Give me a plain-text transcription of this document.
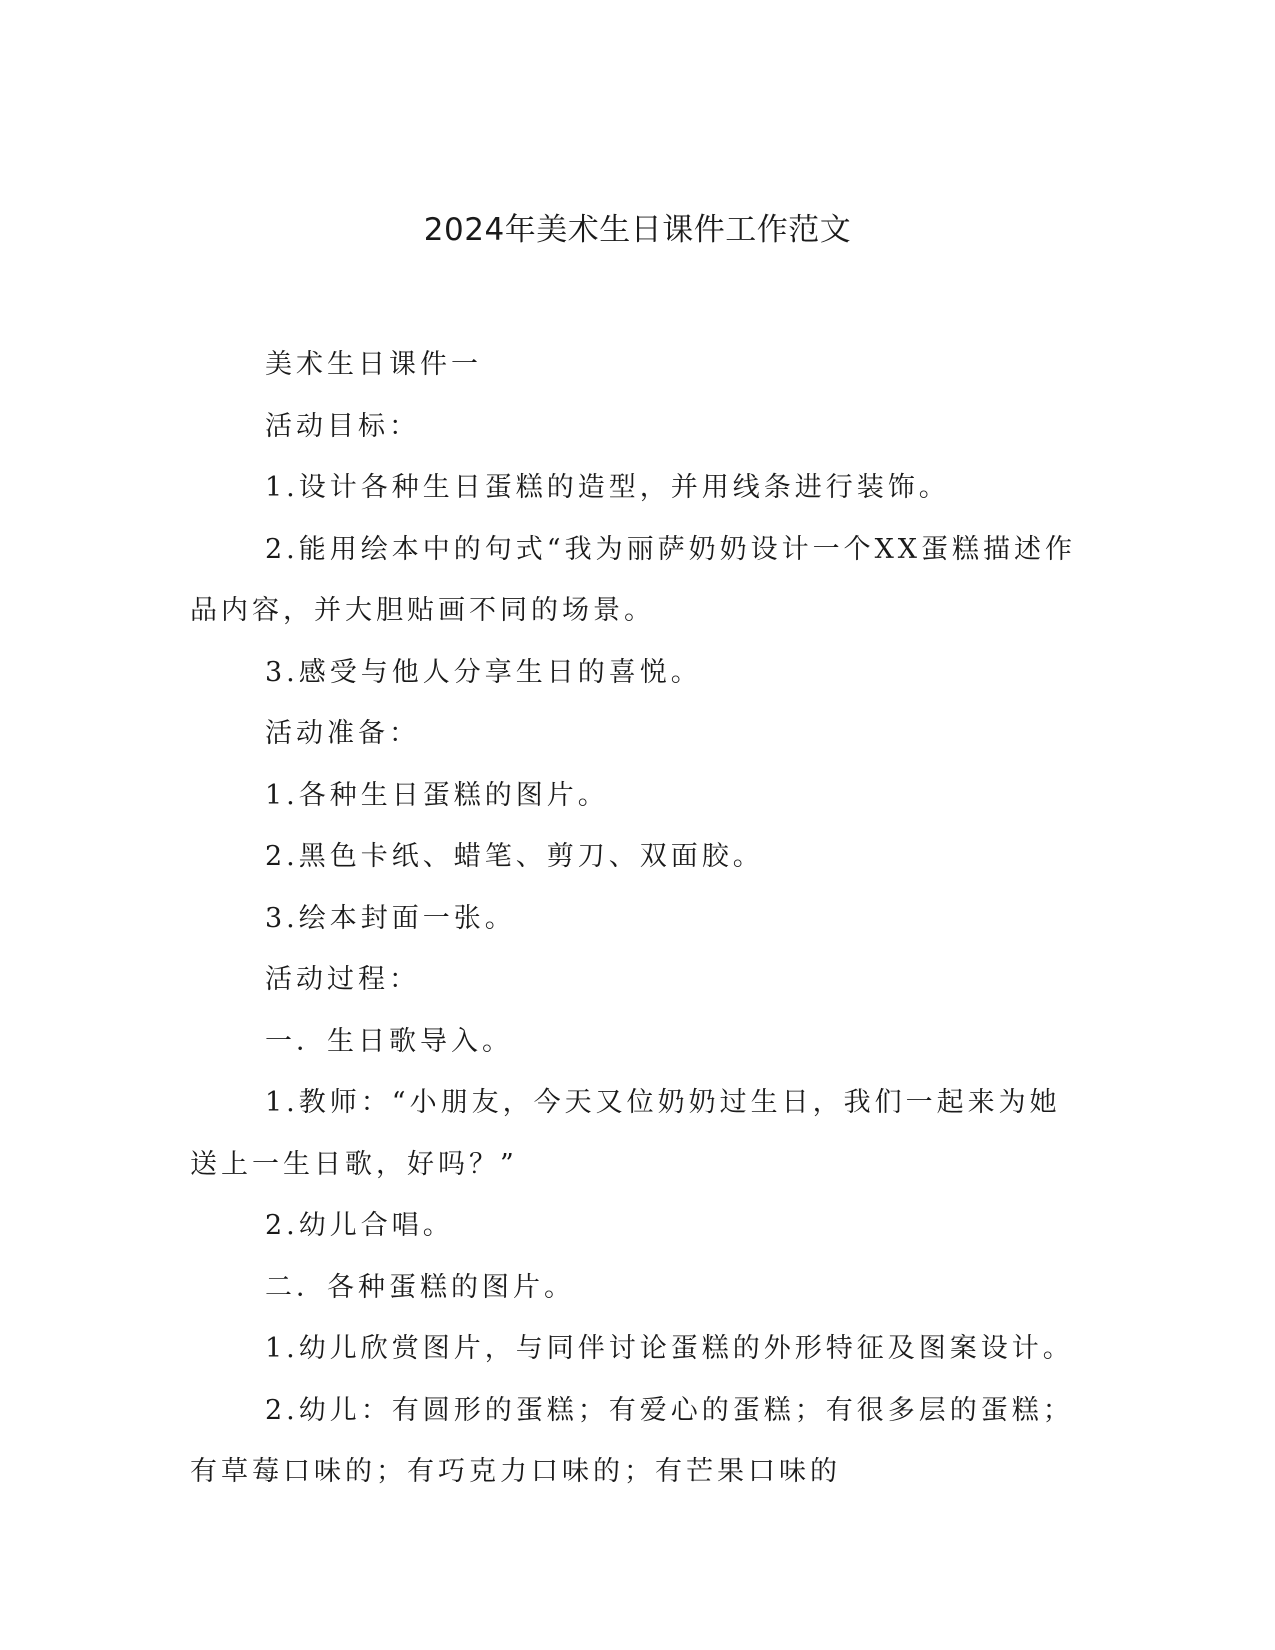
2024年美术生日课件工作范文

美术生日课件一

活动目标：

1.设计各种生日蛋糕的造型，并用线条进行装饰。

2.能用绘本中的句式“我为丽萨奶奶设计一个XX蛋糕描述作品内容，并大胆贴画不同的场景。

3.感受与他人分享生日的喜悦。

活动准备：

1.各种生日蛋糕的图片。

2.黑色卡纸、蜡笔、剪刀、双面胶。

3.绘本封面一张。

活动过程：

一．生日歌导入。

1.教师：“小朋友，今天又位奶奶过生日，我们一起来为她送上一生日歌，好吗？”

2.幼儿合唱。

二．各种蛋糕的图片。

1.幼儿欣赏图片，与同伴讨论蛋糕的外形特征及图案设计。

2.幼儿：有圆形的蛋糕；有爱心的蛋糕；有很多层的蛋糕；有草莓口味的；有巧克力口味的；有芒果口味的
